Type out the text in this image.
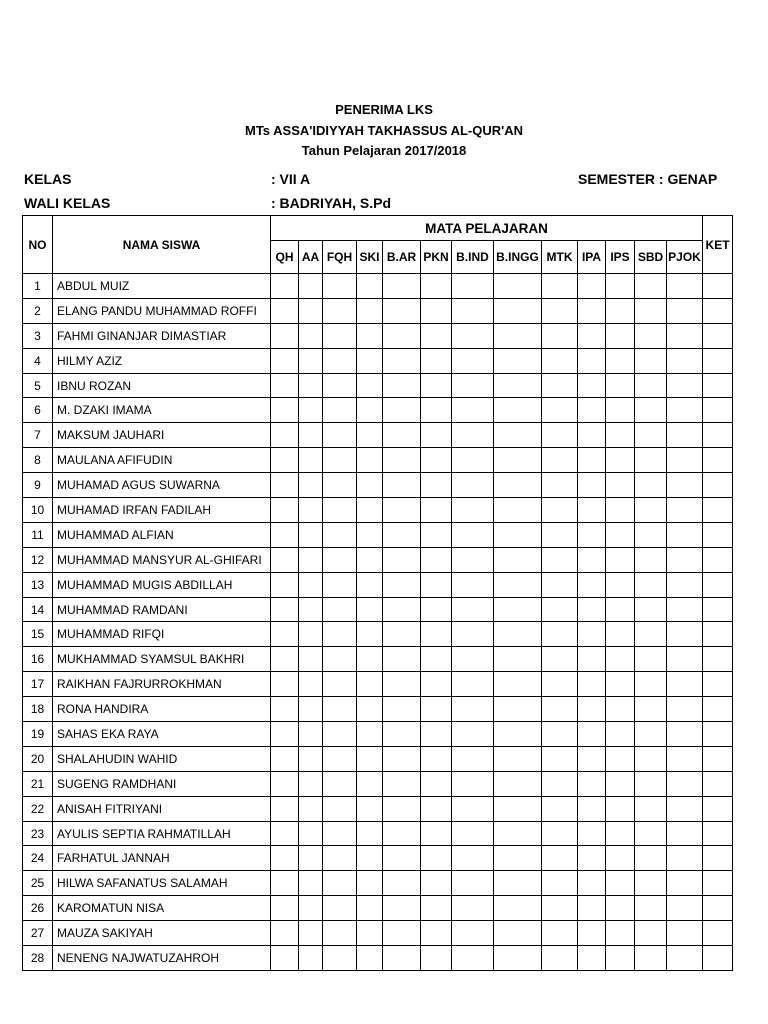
PENERIMA LKS
MTs ASSA'IDIYYAH TAKHASSUS AL-QUR'AN
Tahun Pelajaran 2017/2018
KELAS	: VII A	SEMESTER : GENAP
WALI KELAS	: BADRIYAH, S.Pd
NO	NAMA SISWA	MATA PELAJARAN													KET
		QH	AA	FQH	SKI	B.AR	PKN	B.IND	B.INGG	MTK	IPA	IPS	SBD	PJOK	
1	ABDUL MUIZ														
2	ELANG PANDU MUHAMMAD ROFFI														
3	FAHMI GINANJAR DIMASTIAR														
4	HILMY AZIZ														
5	IBNU ROZAN														
6	M. DZAKI IMAMA														
7	MAKSUM JAUHARI														
8	MAULANA AFIFUDIN														
9	MUHAMAD AGUS SUWARNA														
10	MUHAMAD IRFAN FADILAH														
11	MUHAMMAD ALFIAN														
12	MUHAMMAD MANSYUR AL-GHIFARI														
13	MUHAMMAD MUGIS ABDILLAH														
14	MUHAMMAD RAMDANI														
15	MUHAMMAD RIFQI														
16	MUKHAMMAD SYAMSUL BAKHRI														
17	RAIKHAN FAJRURROKHMAN														
18	RONA HANDIRA														
19	SAHAS EKA RAYA														
20	SHALAHUDIN WAHID														
21	SUGENG RAMDHANI														
22	ANISAH FITRIYANI														
23	AYULIS SEPTIA RAHMATILLAH														
24	FARHATUL JANNAH														
25	HILWA SAFANATUS SALAMAH														
26	KAROMATUN NISA														
27	MAUZA SAKIYAH														
28	NENENG NAJWATUZAHROH														
